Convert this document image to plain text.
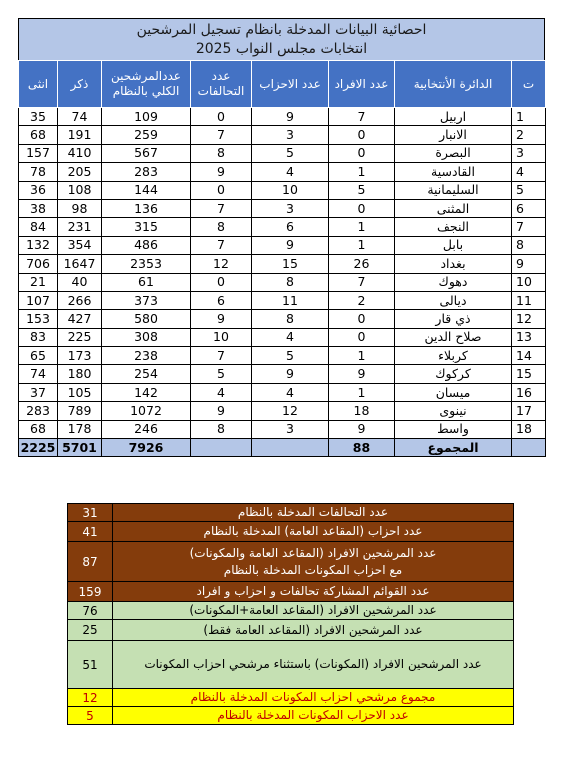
احصائية البيانات المدخلة بانظام تسجيل المرشحين
انتخابات مجلس النواب 2025
ت	الدائرة الأنتخابية	عدد الافراد	عدد الاحزاب	عدد التحالفات	عددالمرشحين الكلي بالنظام	ذكر	انثى
1	اربيل	7	9	0	109	74	35
2	الانبار	0	3	7	259	191	68
3	البصرة	0	5	8	567	410	157
4	القادسية	1	4	9	283	205	78
5	السليمانية	5	10	0	144	108	36
6	المثنى	0	3	7	136	98	38
7	النجف	1	6	8	315	231	84
8	بابل	1	9	7	486	354	132
9	بغداد	26	15	12	2353	1647	706
10	دهوك	7	8	0	61	40	21
11	ديالى	2	11	6	373	266	107
12	ذي قار	0	8	9	580	427	153
13	صلاح الدين	0	4	10	308	225	83
14	كربلاء	1	5	7	238	173	65
15	كركوك	9	9	5	254	180	74
16	ميسان	1	4	4	142	105	37
17	نينوى	18	12	9	1072	789	283
18	واسط	9	3	8	246	178	68
	المجموع	88			7926	5701	2225
31	عدد التحالفات المدخلة بالنظام

41	عدد احزاب (المقاعد العامة) المدخلة بالنظام

87	عدد المرشحين الافراد (المقاعد العامة والمكونات)
مع احزاب المكونات المدخلة بالنظام

159	عدد القوائم المشاركة تحالفات و احزاب و افراد

76	عدد المرشحين الافراد (المقاعد العامة+المكونات)

25	عدد المرشحين الافراد (المقاعد العامة فقط)

51	عدد المرشحين الافراد (المكونات) باستثناء مرشحي احزاب المكونات

12	مجموع مرشحي احزاب المكونات المدخلة بالنظام

5	عدد الاحزاب المكونات المدخلة بالنظام
